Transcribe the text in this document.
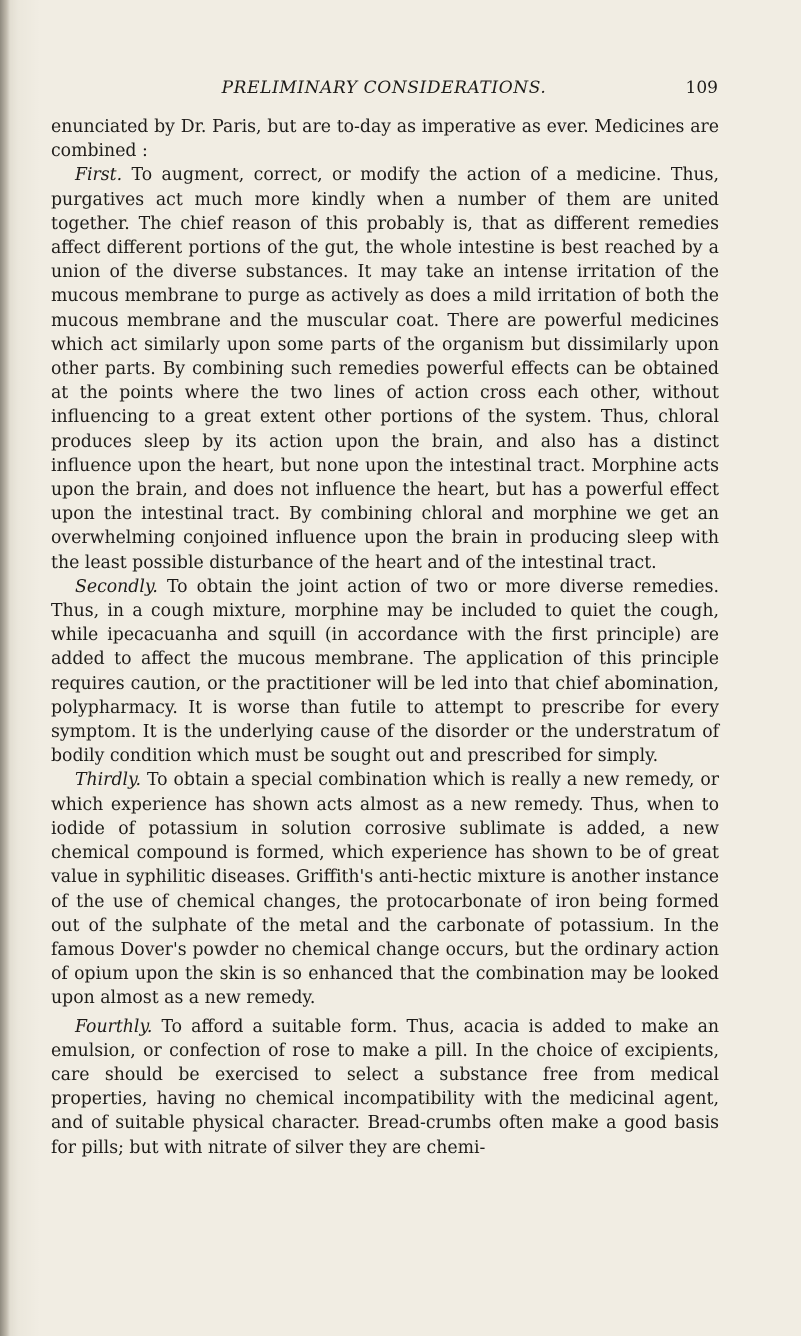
PRELIMINARY CONSIDERATIONS.	109

enunciated by Dr. Paris, but are to-day as imperative as ever. Medicines are combined :

First. To augment, correct, or modify the action of a medicine. Thus, purgatives act much more kindly when a number of them are united together. The chief reason of this probably is, that as different remedies affect different portions of the gut, the whole intestine is best reached by a union of the diverse substances. It may take an intense irritation of the mucous membrane to purge as actively as does a mild irritation of both the mucous membrane and the muscular coat. There are powerful medicines which act similarly upon some parts of the organism but dissimilarly upon other parts. By combining such remedies powerful effects can be obtained at the points where the two lines of action cross each other, without influencing to a great extent other portions of the system. Thus, chloral produces sleep by its action upon the brain, and also has a distinct influence upon the heart, but none upon the intestinal tract. Morphine acts upon the brain, and does not influence the heart, but has a powerful effect upon the intestinal tract. By combining chloral and morphine we get an overwhelming conjoined influence upon the brain in producing sleep with the least possible disturbance of the heart and of the intestinal tract.

Secondly. To obtain the joint action of two or more diverse remedies. Thus, in a cough mixture, morphine may be included to quiet the cough, while ipecacuanha and squill (in accordance with the first principle) are added to affect the mucous membrane. The application of this principle requires caution, or the practitioner will be led into that chief abomination, polypharmacy. It is worse than futile to attempt to prescribe for every symptom. It is the underlying cause of the disorder or the understratum of bodily condition which must be sought out and prescribed for simply.

Thirdly. To obtain a special combination which is really a new remedy, or which experience has shown acts almost as a new remedy. Thus, when to iodide of potassium in solution corrosive sublimate is added, a new chemical compound is formed, which experience has shown to be of great value in syphilitic diseases. Griffith's anti-hectic mixture is another instance of the use of chemical changes, the protocarbonate of iron being formed out of the sulphate of the metal and the carbonate of potassium. In the famous Dover's powder no chemical change occurs, but the ordinary action of opium upon the skin is so enhanced that the combination may be looked upon almost as a new remedy.

Fourthly. To afford a suitable form. Thus, acacia is added to make an emulsion, or confection of rose to make a pill. In the choice of excipients, care should be exercised to select a substance free from medical properties, having no chemical incompatibility with the medicinal agent, and of suitable physical character. Bread-crumbs often make a good basis for pills; but with nitrate of silver they are chemi-
